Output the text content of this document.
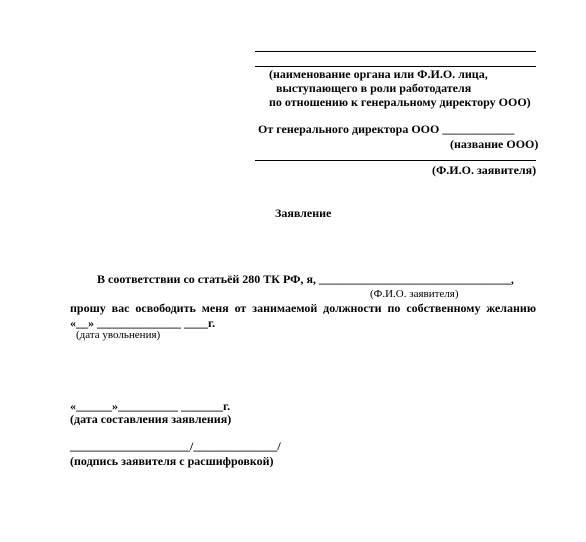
(наименование органа или Ф.И.О. лица,
выступающего в роли работодателя
по отношению к генеральному директору ООО)
От генерального директора ООО ____________
(название ООО)
(Ф.И.О. заявителя)
Заявление
В соответствии со статьёй 280 ТК РФ, я, ________________________________,
(Ф.И.О. заявителя)
прошу вас освободить меня от занимаемой должности по собственному желанию
«__» ______________ ____г.
(дата увольнения)
«______»__________ _______г.
(дата составления заявления)
____________________/______________/
(подпись заявителя с расшифровкой)
